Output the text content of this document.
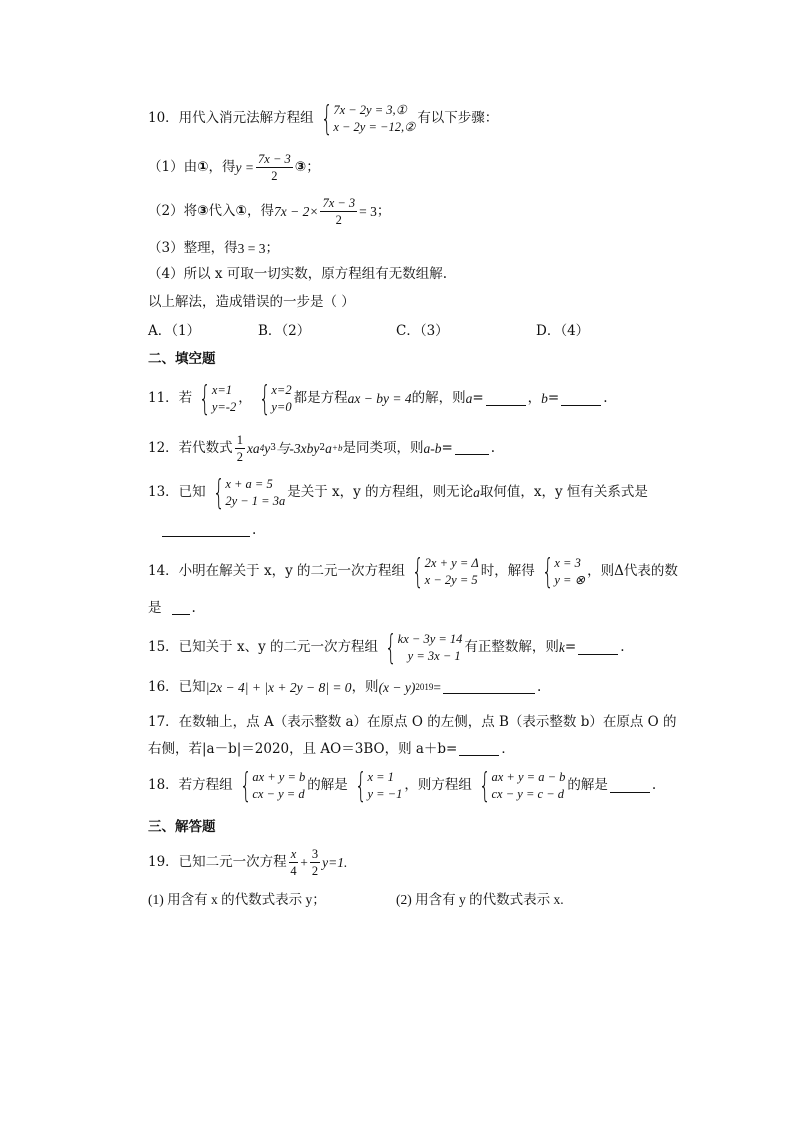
10．用代入消元法解方程组 { 7x − 2y = 3,①
x − 2y = −12,②
有以下步骤：
（1）由 ① ，得 $y = \frac{7x - 3}{2}$ ③ ；
（2）将 ③ 代入 ① ，得 $7x - 2\times \frac{7x - 3}{2} = 3$ ；
（3）整理，得 3 = 3 ；
（4）所以 x 可取一切实数，原方程组有无数组解.
以上解法，造成错误的一步是（ ）
A．（1）	B．（2）	C．（3）	D．（4）
二、填空题
11．若 { x=1
y=-2
， { x=2
y=0
都是方程 ax − by = 4 的解，则 a =	， b =	.
12．若代数式 $\frac{1}{2}$ xa 4 y 3 与-3xby 2 a +b 是同类项，则 a-b =	.
13．已知 { x + a = 5
2y − 1 = 3a
是关于 x，y 的方程组，则无论 a 取何值，x，y 恒有关系式是
.
14．小明在解关于 x，y 的二元一次方程组 { 2x + y = Δ
x − 2y = 5
时，解得 { x = 3
y = ⊗
，则Δ代表的数
是 .
15．已知关于 x、y 的二元一次方程组 { kx − 3y = 14
y = 3x − 1
有正整数解，则 k =	.
16．已知 |2x − 4| + |x + 2y − 8| = 0 ，则 (x − y) 2019 =	.
17．在数轴上，点 A（表示整数 a）在原点 O 的左侧，点 B（表示整数 b）在原点 O 的
右侧，若|a－b|＝2020，且 AO＝3BO，则 a＋b=	．
18．若方程组 { ax + y = b
cx − y = d
的解是 { x = 1
y = −1
，则方程组 { ax + y = a − b
cx − y = c − d
的解是	.
三、解答题
19．已知二元一次方程 $\frac{x}{4} + \frac{3}{2} y=1$.
(1) 用含有 x 的代数式表示 y；	(2) 用含有 y 的代数式表示 x.
